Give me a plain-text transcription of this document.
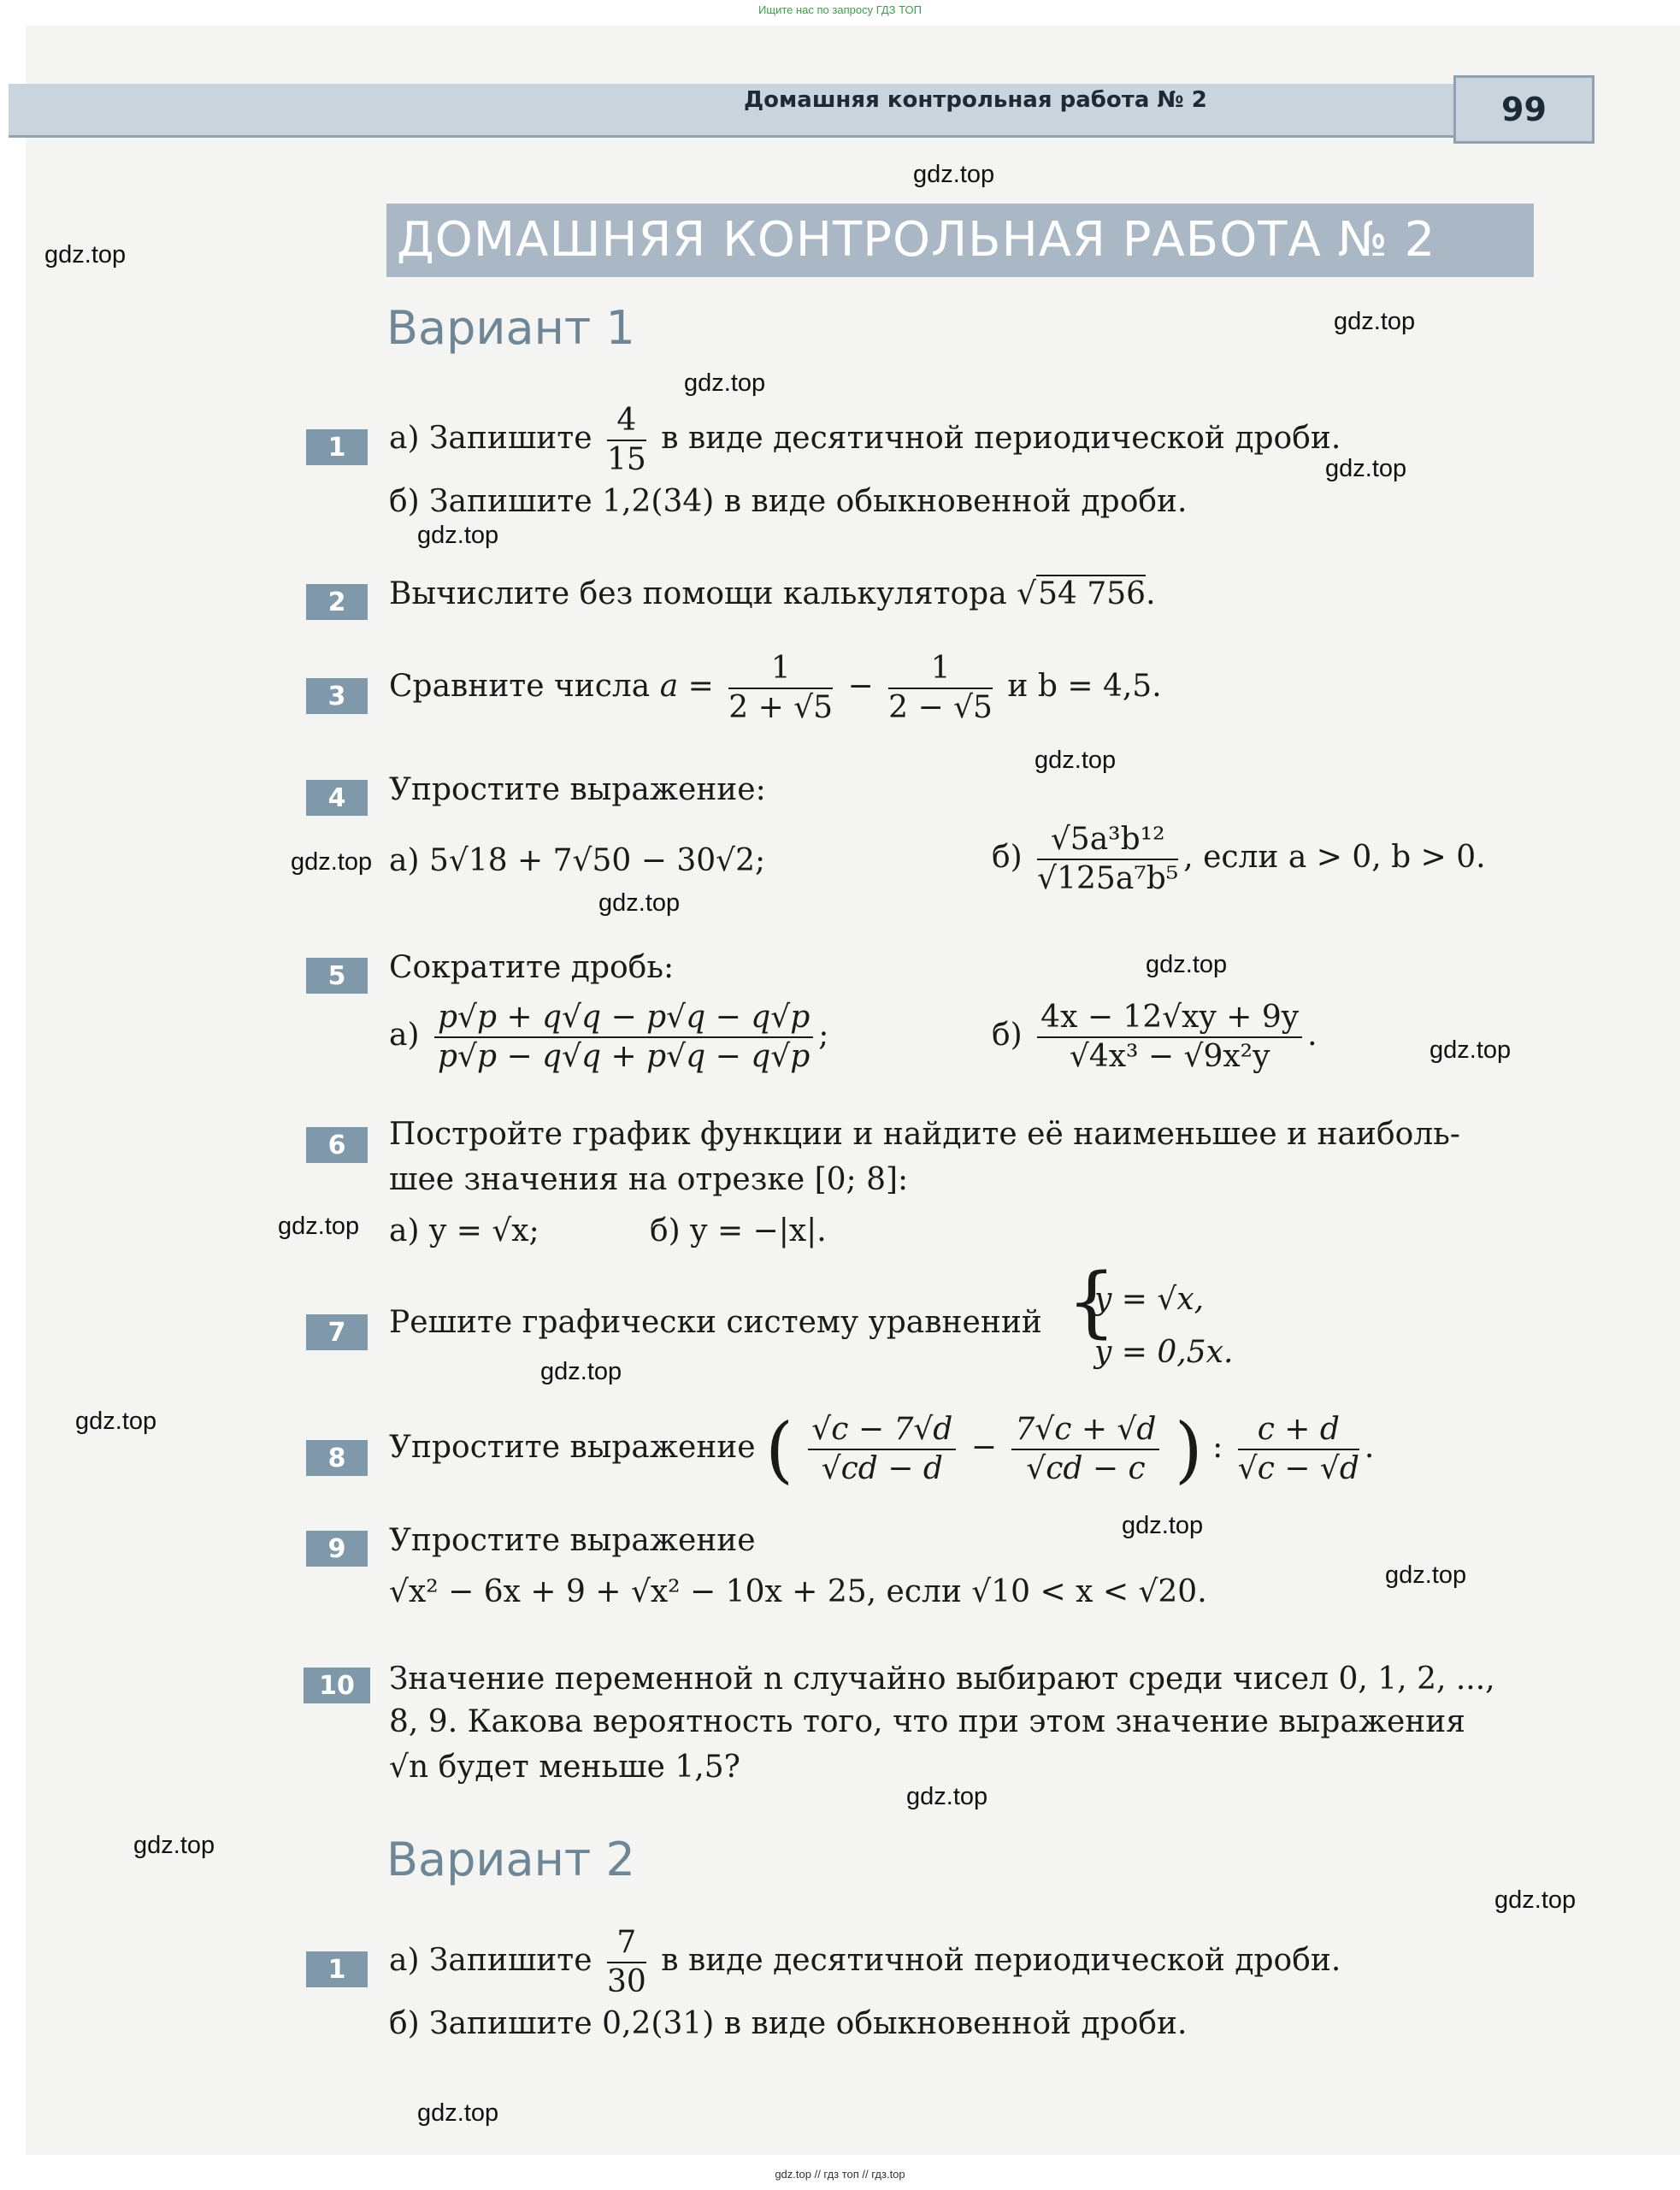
Ищите нас по запросу ГДЗ ТОП
Домашняя контрольная работа № 2	99
ДОМАШНЯЯ КОНТРОЛЬНАЯ РАБОТА № 2
Вариант 1
1	а) Запишите $\frac{4}{15}$ в виде десятичной периодической дроби.
б) Запишите 1,2(34) в виде обыкновенной дроби.
2	Вычислите без помощи калькулятора √54 756.
3	Сравните числа $a = \frac{1}{2 + √5} - \frac{1}{2 - √5}$ и b = 4,5.
4	Упростите выражение:
а) 5√18 + 7√50 − 30√2;	$б) \frac{\text{√5a³b¹²}}{\text{√125a⁷b⁵}}$ , если a > 0, b > 0.
5	Сократите дробь:
$а) \frac{p√p + q√q - p√q - q√p}{p√p - q√q + p√q - q√p}$ ;	$б) \frac{4x - 12√xy + 9y}{\text{√4x³ − √9x²y}}$ .
6	Постройте график функции и найдите её наименьшее и наиболь-
шее значения на отрезке [0; 8]:
а) y = √x;	б) y = −|x|.
7	Решите графически систему уравнений {
y = √x,
y = 0,5x.
8	Упростите выражение ( $\frac{√c - 7√d}{√cd - d} - \frac{7√c + √d}{√cd - c}$ ) : $\frac{c + d}{√c - √d}$ .
9	Упростите выражение
√x² − 6x + 9 + √x² − 10x + 25, если √10 < x < √20.
10	Значение переменной n случайно выбирают среди чисел 0, 1, 2, ...,
8, 9. Какова вероятность того, что при этом значение выражения
√n будет меньше 1,5?
Вариант 2
1	а) Запишите $\frac{7}{30}$ в виде десятичной периодической дроби.
б) Запишите 0,2(31) в виде обыкновенной дроби.
gdz.top
gdz.top
gdz.top
gdz.top
gdz.top
gdz.top
gdz.top
gdz.top
gdz.top
gdz.top
gdz.top
gdz.top
gdz.top
gdz.top
gdz.top
gdz.top
gdz.top
gdz.top
gdz.top
gdz.top
gdz.top // гдз топ // гдз.top
